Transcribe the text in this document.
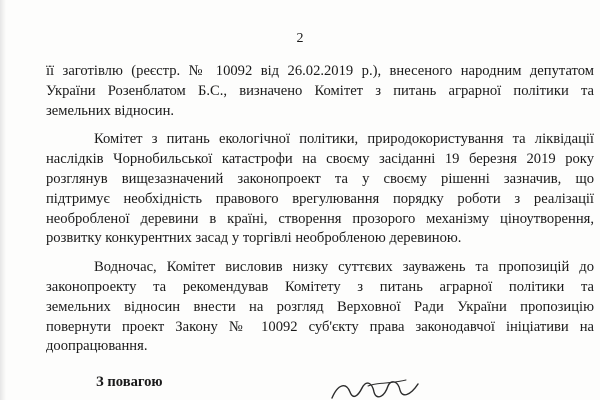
2

її заготівлю (реєстр. № 10092 від 26.02.2019 р.), внесеного народним депутатом
України Розенблатом Б.С., визначено Комітет з питань аграрної політики та
земельних відносин.

Комітет з питань екологічної політики, природокористування та ліквідації
наслідків Чорнобильської катастрофи на своєму засіданні 19 березня 2019 року
розглянув вищезазначений законопроект та у своєму рішенні зазначив, що
підтримує необхідність правового врегулювання порядку роботи з реалізації
необробленої деревини в країні, створення прозорого механізму ціноутворення,
розвитку конкурентних засад у торгівлі необробленою деревиною.

Водночас, Комітет висловив низку суттєвих зауважень та пропозицій до
законопроекту та рекомендував Комітету з питань аграрної політики та
земельних відносин внести на розгляд Верховної Ради України пропозицію
повернути проект Закону № 10092 суб'єкту права законодавчої ініціативи на
доопрацювання.

З повагою
